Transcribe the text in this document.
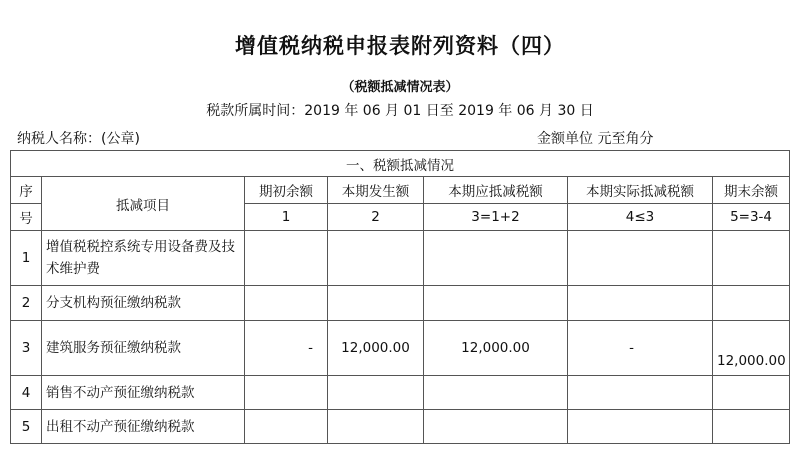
增值税纳税申报表附列资料（四）
（税额抵减情况表）
税款所属时间：2019 年 06 月 01 日至 2019 年 06 月 30 日
纳税人名称：(公章)	金额单位 元至角分
一、税额抵减情况						
序	抵减项目	期初余额	本期发生额	本期应抵减税额	本期实际抵减税额	期末余额
号		1	2	3=1+2	4≤3	5=3-4
1	增值税税控系统专用设备费及技术维护费					
2	分支机构预征缴纳税款					
3	建筑服务预征缴纳税款	-	12,000.00	12,000.00	-	12,000.00
4	销售不动产预征缴纳税款					
5	出租不动产预征缴纳税款					
